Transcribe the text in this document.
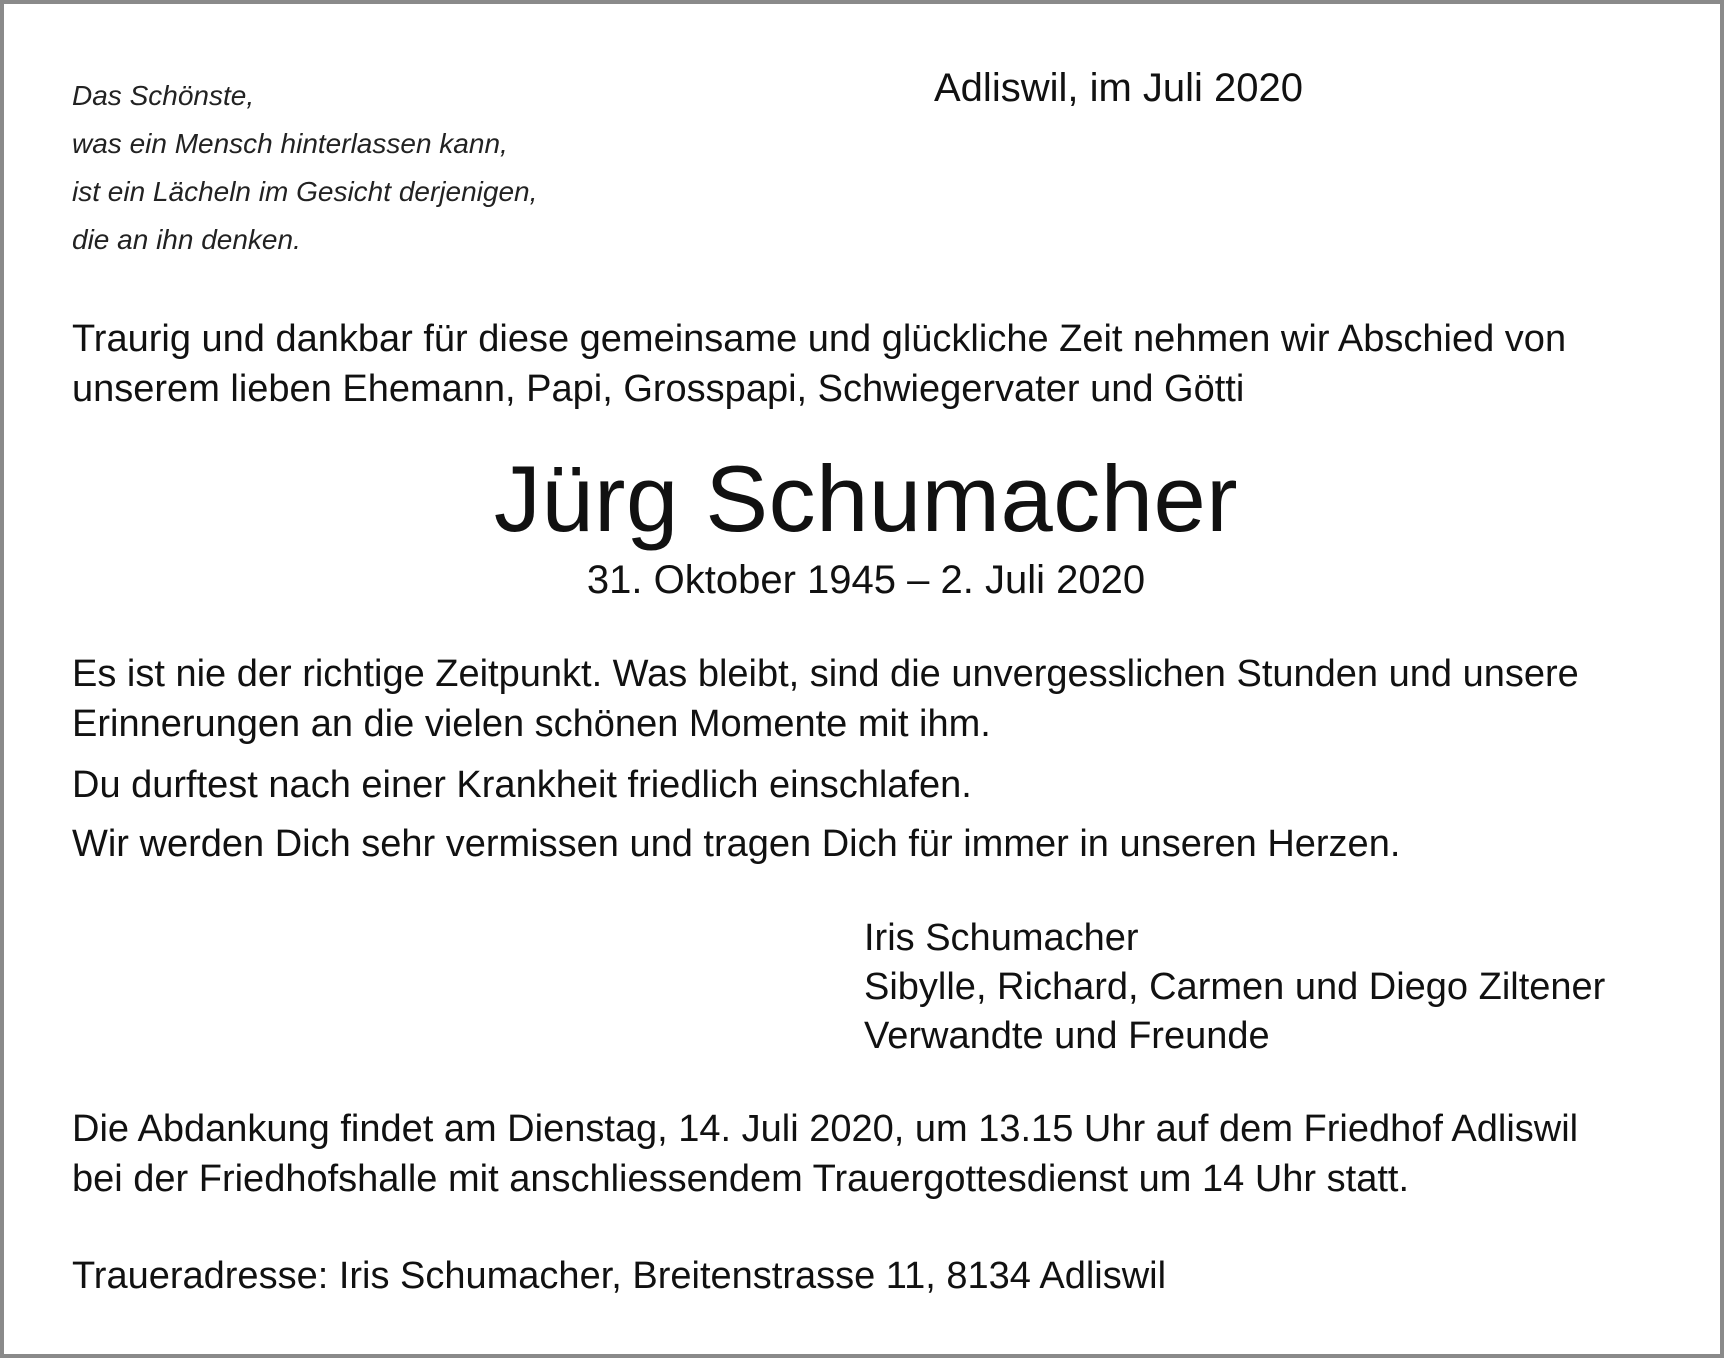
Das Schönste,
was ein Mensch hinterlassen kann,
ist ein Lächeln im Gesicht derjenigen,
die an ihn denken.
Adliswil, im Juli 2020
Traurig und dankbar für diese gemeinsame und glückliche Zeit nehmen wir Abschied von
unserem lieben Ehemann, Papi, Grosspapi, Schwiegervater und Götti
Jürg Schumacher
31. Oktober 1945 – 2. Juli 2020
Es ist nie der richtige Zeitpunkt. Was bleibt, sind die unvergesslichen Stunden und unsere
Erinnerungen an die vielen schönen Momente mit ihm.
Du durftest nach einer Krankheit friedlich einschlafen.
Wir werden Dich sehr vermissen und tragen Dich für immer in unseren Herzen.
Iris Schumacher
Sibylle, Richard, Carmen und Diego Ziltener
Verwandte und Freunde
Die Abdankung findet am Dienstag, 14. Juli 2020, um 13.15 Uhr auf dem Friedhof Adliswil
bei der Friedhofshalle mit anschliessendem Trauergottesdienst um 14 Uhr statt.
Traueradresse: Iris Schumacher, Breitenstrasse 11, 8134 Adliswil
